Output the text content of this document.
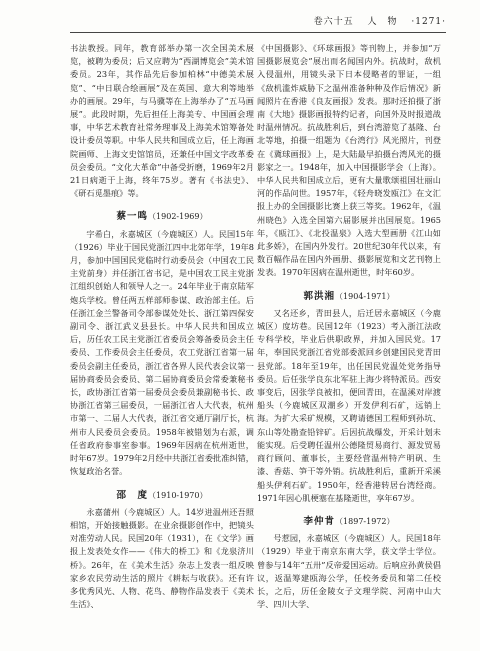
卷六十五 人　物 ·1271·

书法教授。同年，教育部举办第一次全国美术展览，被聘为委员；后又应聘为“西湖博览会”美术馆委员。23年，其作品先后参加柏林“中德美术展览”、“中日联合绘画展”及在英国、意大利等地举办的画展。29年，与马骥等在上海举办了“五马画展”。此段时期，先后担任上海美专、中国画会理事，中华艺术教育社常务理事及上海美术馆筹备处设计委员等职。中华人民共和国成立后，任上海画院画师、上海文史馆馆员，还兼任中国文字改革委员会委员。“文化大革命”中备受折磨，1969年2月21日病逝于上海，终年75岁。著有《书法史》、《研石觅墨痕》等。

蔡一鸣（1902-1969）

字希白，永嘉城区（今鹿城区）人。民国15年（1926）毕业于国民党浙江四中北郊年学，19年8月，参加中国国民党临时行动委员会（中国农工民主党前身）并任浙江省书记，是中国农工民主党浙江组织创始人和领导人之一。24年毕业于南京陆军炮兵学校。曾任两五样部师参谋、政治部主任。后任浙江金兰警备司令部参谋处处长、浙江第四保安副司令、浙江武义县县长。中华人民共和国成立后，历任农工民主党浙江省委员会筹备委员会主任委员、工作委员会主任委员，农工党浙江省第一届委员会副主任委员，浙江省各界人民代表会议第一届协商委员会委员、第二届协商委员会常委兼秘书长，政协浙江省第一届委员会委员兼副秘书长、政协浙江省第三届委员，一届浙江省人大代表，杭州市第一、二届人大代表，浙江省交通厅副厅长，杭州市人民委员会委员。1958年被错划为右派，调任省政府参事室参事。1969年因病在杭州逝世，时年67岁。1979年2月经中共浙江省委批准纠错，恢复政治名誉。

邵　度（1910-1970）

永嘉蒲州（今鹿城区）人。14岁进温州还吾照相馆，开始接触摄影。在业余摄影创作中，把镜头对准劳动人民。民国20年（1931），在《文学》画报上发表处女作——《伟大的桥工》和《龙泉济川桥》。26年，在《美术生活》杂志上发表一组反映家乡农民劳动生活的照片《耕耘与收获》。还有许多优秀风光、人物、花鸟、静物作品发表于《美术生活》、

《中国摄影》、《环球画报》等刊物上，并参加“万国摄影展览会”展出而名闻国内外。抗战时，敌机入侵温州，用镜头录下日本侵略者的罪证，一组《敌机滥炸威胁下之温州准备种种及作后情况》新闻照片在香港《良友画报》发表。那时还拍摄了浙南《大地》摄影画报特约记者，向国外及时报道战时温州情况。抗战胜利后，到台湾游览了基隆、台北等地，拍摄一组题为《台湾行》风光照片，刊登在《冀球画报》上，是大陆最早拍摄台湾风光的摄影家之一。1948年，加入中国摄影学会（上海）。中华人民共和国成立后，更有大量歌颂祖国壮丽山河的作品问世。1957年，《轻舟晓发瓯江》在文汇报上办的全国摄影比赛上获三等奖。1962年，《温州晓色》入选全国第六届影展并出国展览。1965年，《瓯江》、《北投温泉》入选大型画册《江山如此多娇》，在国内外发行。20世纪30年代以来，有数百幅作品在国内外画册、摄影展览和文艺刊物上发表。1970年因病在温州逝世，时年60岁。

郭洪湘（1904-1971）

又名还乡，青田县人，后迁居永嘉城区（今鹿城区）度坊巷。民国12年（1923）考入浙江法政专科学校，毕业后供职政界，并加入国民党。17年，奉国民党浙江省党部委派回乡创建国民党青田县党部。18年至19年，出任国民党温处党务指导委员。后任张学良东北军驻上海少将特派员。西安事变后，因张学良被扣，便回青田，在温溪对岸渡船头（今鹿城区双潮乡）开发伊利石矿，远销上海。为扩大采矿规模，又聘请德国工程师到孙坑、东山等处勘查铅锌矿。后因抗战爆发，开采计划未能实现。后受聘任温州公德隆贸易商行、源发贸易商行顾问、董事长，主要经营温州特产明矾、生漆、香菇、笋干等外销。抗战胜利后，重新开采溪船头伊利石矿。1950年，经香港转居台湾经商。1971年因心肌梗塞在基隆逝世，享年67岁。

李仲肯（1897-1972）

号惹园，永嘉城区（今鹿城区）人。民国18年（1929）毕业于南京东南大学，获文学士学位。曾参与14年“五卅”反帝爱国运动。后响应孙黄侯倡议，返温筹建瓯海公学，任校务委员和第二任校长，之后，历任金陵女子文理学院、河南中山大学、四川大学、
